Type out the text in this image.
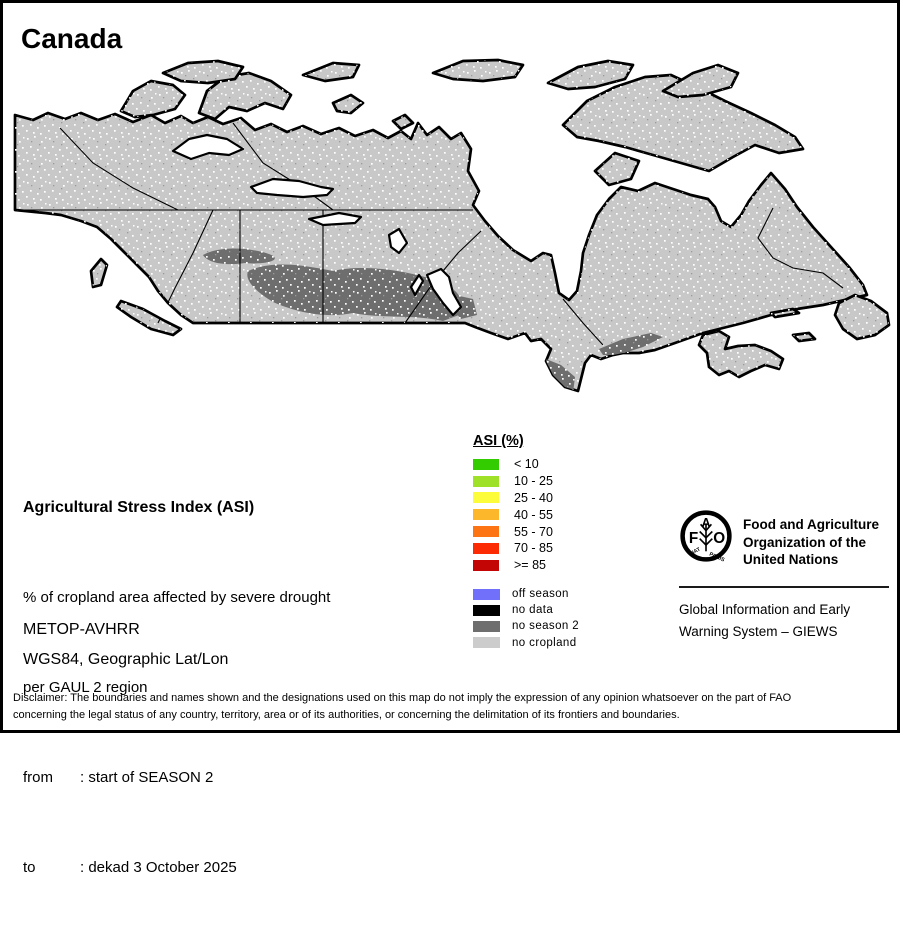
Canada

Agricultural Stress Index (ASI)

% of cropland area affected by severe drought

per GAUL 2 region

from : start of SEASON 2

to	: dekad 3 October 2025

METOP-AVHRR
WGS84, Geographic Lat/Lon
ASI (%)
< 10
10 - 25
25 - 40
40 - 55
55 - 70
70 - 85
>= 85
off season
no data
no season 2
no cropland
F
A
O
FIAT PANIS
Food and Agriculture
Organization of the
United Nations
Global Information and Early
Warning System – GIEWS
Disclaimer: The boundaries and names shown and the designations used on this map do not imply the expression of any opinion whatsoever on the part of FAO
concerning the legal status of any country, territory, area or of its authorities, or concerning the delimitation of its frontiers and boundaries.
